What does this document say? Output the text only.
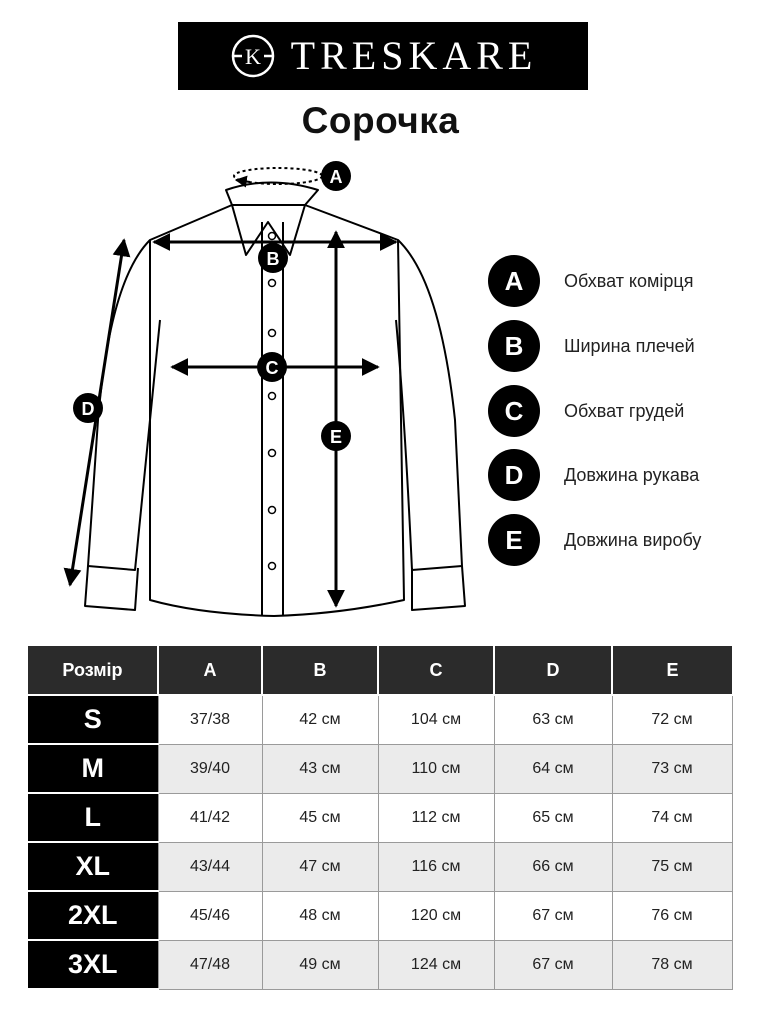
K TRESKARE
Сорочка
A
B
C
D
E
A	Обхват комірця
B	Ширина плечей
C	Обхват грудей
D	Довжина рукава
E	Довжина виробу
Розмір	A	B	C	D	E
S	37/38	42 см	104 см	63 см	72 см
M	39/40	43 см	110 см	64 см	73 см
L	41/42	45 см	112 см	65 см	74 см
XL	43/44	47 см	116 см	66 см	75 см
2XL	45/46	48 см	120 см	67 см	76 см
3XL	47/48	49 см	124 см	67 см	78 см
